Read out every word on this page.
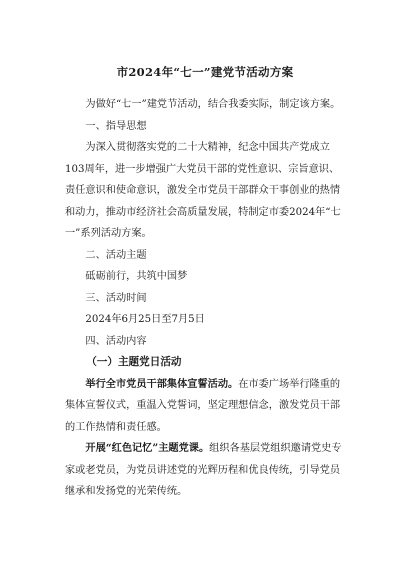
市2024年“七一”建党节活动方案

为做好“七一”建党节活动，结合我委实际，制定该方案。

一、指导思想

为深入贯彻落实党的二十大精神，纪念中国共产党成立103周年，进一步增强广大党员干部的党性意识、宗旨意识、责任意识和使命意识，激发全市党员干部群众干事创业的热情和动力，推动市经济社会高质量发展，特制定市委2024年“七一”系列活动方案。

二、活动主题

砥砺前行，共筑中国梦

三、活动时间

2024年6月25日至7月5日

四、活动内容

（一）主题党日活动

举行全市党员干部集体宣誓活动。在市委广场举行隆重的集体宣誓仪式，重温入党誓词，坚定理想信念，激发党员干部的工作热情和责任感。

开展“红色记忆”主题党课。组织各基层党组织邀请党史专家或老党员，为党员讲述党的光辉历程和优良传统，引导党员继承和发扬党的光荣传统。
